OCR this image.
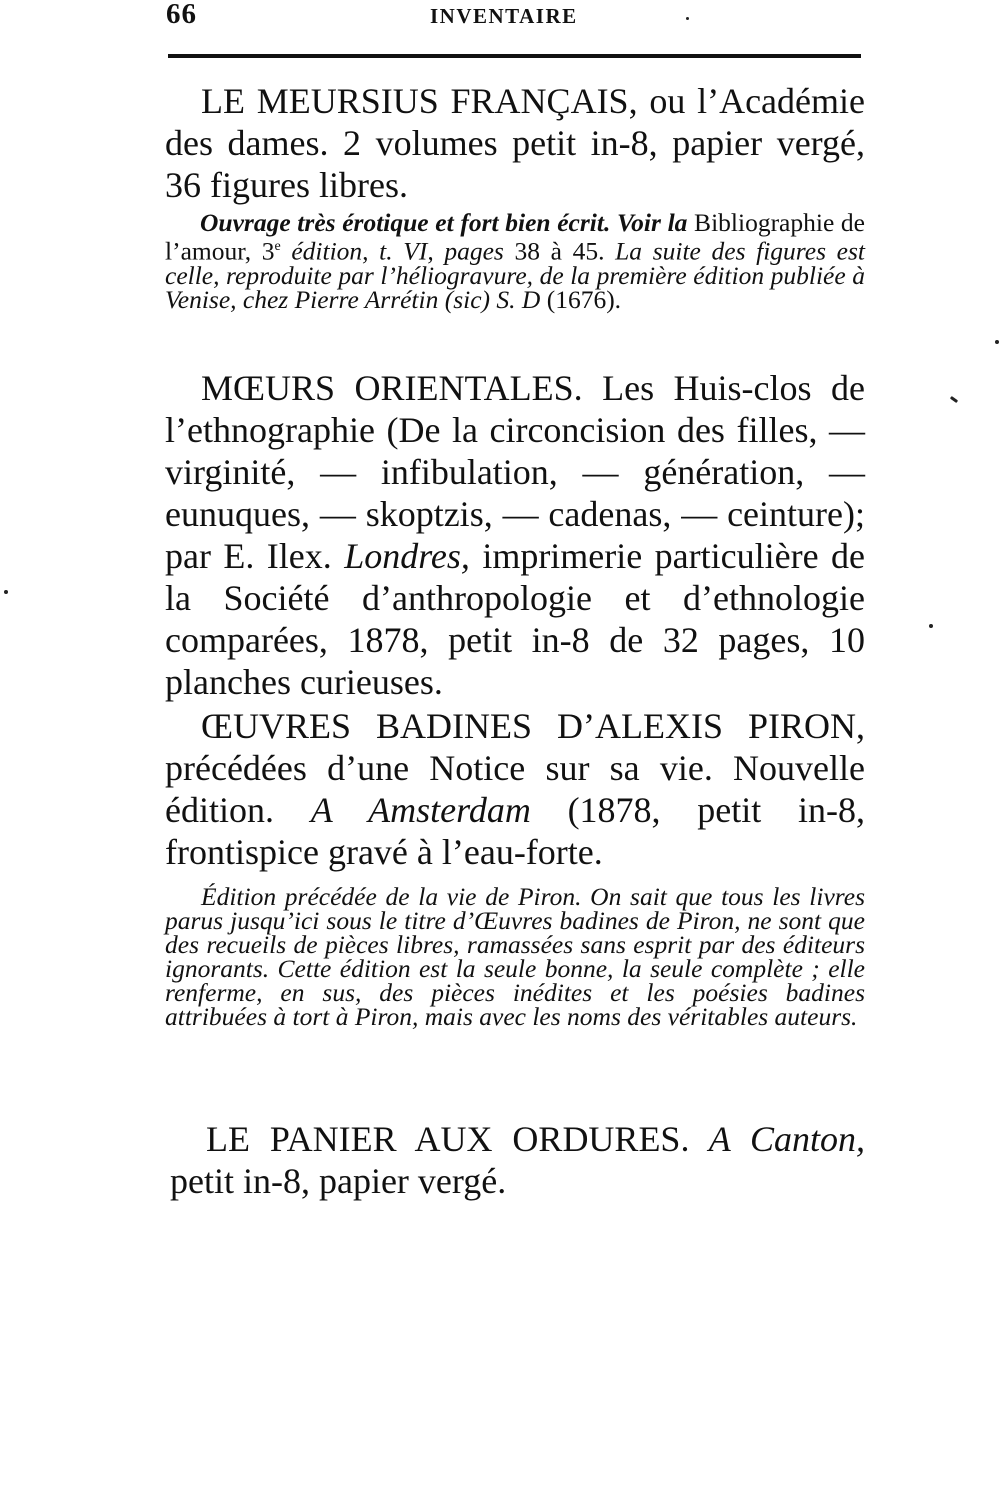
66	INVENTAIRE

LE MEURSIUS FRANÇAIS, ou l’Académie des dames. 2 volumes petit in-8, papier vergé, 36 figures libres.

Ouvrage très érotique et fort bien écrit. Voir la Bibliographie de l’amour, 3e édition, t. VI, pages 38 à 45. La suite des figures est celle, reproduite par l’héliogravure, de la première édition publiée à Venise, chez Pierre Arrétin (sic) S. D (1676).

MŒURS ORIENTALES. Les Huis-clos de l’ethnographie (De la circoncision des filles, — virginité, — infibulation, — génération, — eunuques, — skoptzis, — cadenas, — ceinture); par E. Ilex. Londres, imprimerie particulière de la Société d’anthropologie et d’ethnologie comparées, 1878, petit in-8 de 32 pages, 10 planches curieuses.

ŒUVRES BADINES D’ALEXIS PIRON, précédées d’une Notice sur sa vie. Nouvelle édition. A Amsterdam (1878, petit in-8, frontispice gravé à l’eau-forte.

Édition précédée de la vie de Piron. On sait que tous les livres parus jusqu’ici sous le titre d’Œuvres badines de Piron, ne sont que des recueils de pièces libres, ramassées sans esprit par des éditeurs ignorants. Cette édition est la seule bonne, la seule complète ; elle renferme, en sus, des pièces inédites et les poésies badines attribuées à tort à Piron, mais avec les noms des véritables auteurs.

LE PANIER AUX ORDURES. A Canton, petit in-8, papier vergé.
